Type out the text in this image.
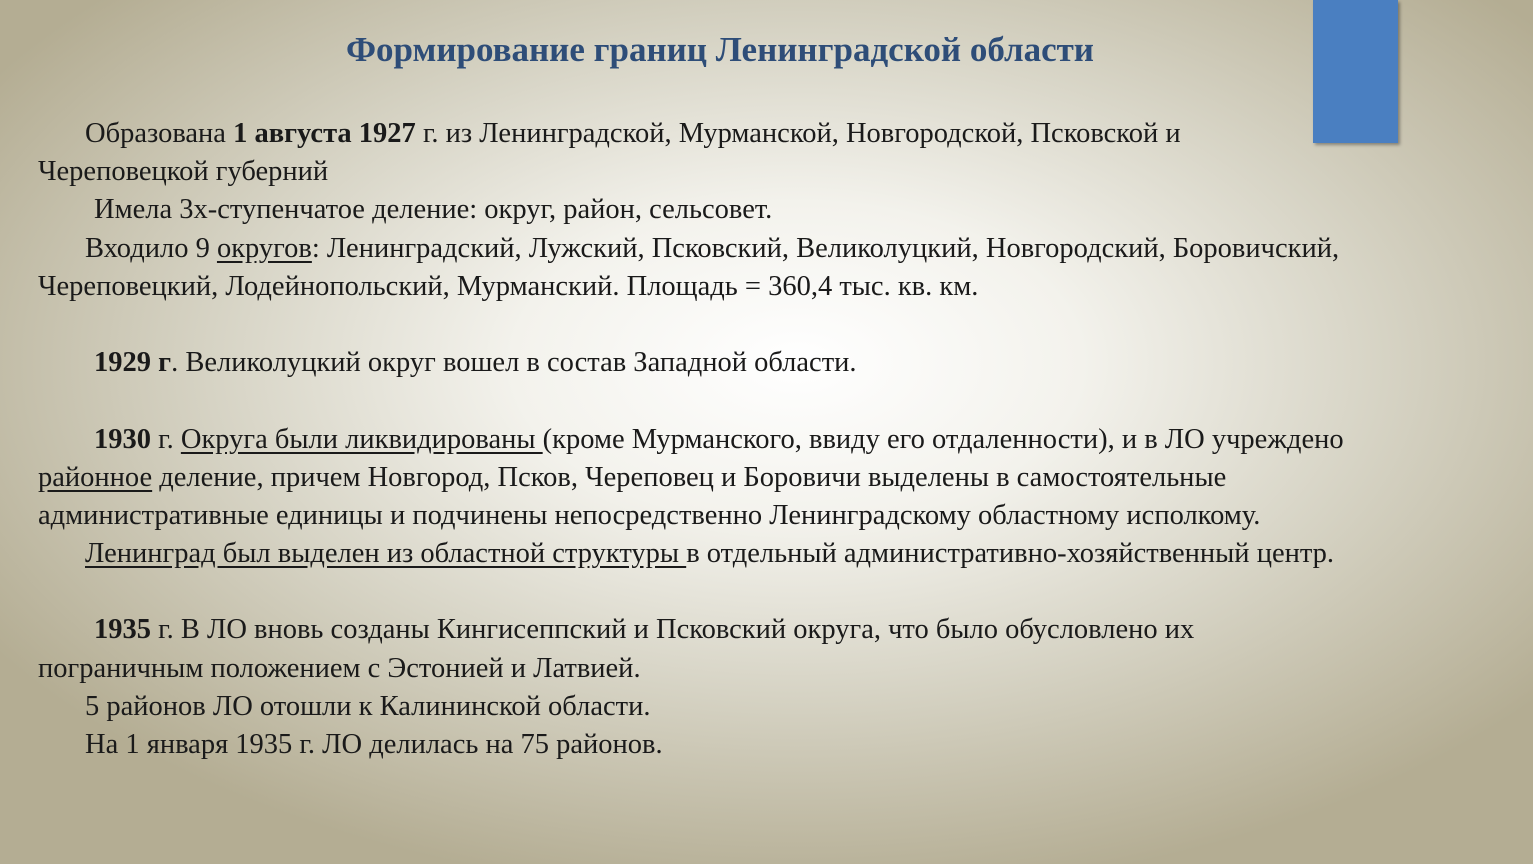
Формирование границ Ленинградской области
Образована 1 августа 1927 г. из Ленинградской, Мурманской, Новгородской, Псковской и
Череповецкой губерний
Имела 3х-ступенчатое деление: округ, район, сельсовет.
Входило 9 округов: Ленинградский, Лужский, Псковский, Великолуцкий, Новгородский, Боровичский,
Череповецкий, Лодейнопольский, Мурманский. Площадь = 360,4 тыс. кв. км.
1929 г. Великолуцкий округ вошел в состав Западной области.
1930 г. Округа были ликвидированы (кроме Мурманского, ввиду его отдаленности), и в ЛО учреждено
районное деление, причем Новгород, Псков, Череповец и Боровичи выделены в самостоятельные
административные единицы и подчинены непосредственно Ленинградскому областному исполкому.
Ленинград был выделен из областной структуры в отдельный административно-хозяйственный центр.
1935 г. В ЛО вновь созданы Кингисеппский и Псковский округа, что было обусловлено их
пограничным положением с Эстонией и Латвией.
5 районов ЛО отошли к Калининской области.
На 1 января 1935 г. ЛО делилась на 75 районов.
